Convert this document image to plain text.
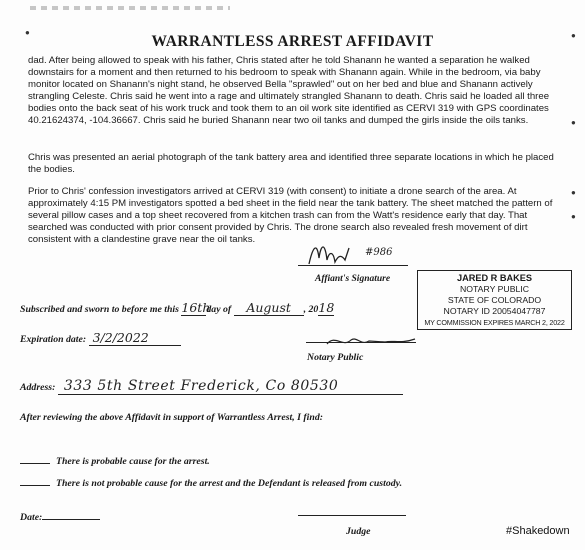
●	●
●
●
●
WARRANTLESS ARREST AFFIDAVIT

dad. After being allowed to speak with his father, Chris stated after he told Shanann he wanted a separation he walked downstairs for a moment and then returned to his bedroom to speak with Shanann again. While in the bedroom, via baby monitor located on Shanann's night stand, he observed Bella "sprawled" out on her bed and blue and Shanann actively strangling Celeste. Chris said he went into a rage and ultimately strangled Shanann to death. Chris said he loaded all three bodies onto the back seat of his work truck and took them to an oil work site identified as CERVI 319 with GPS coordinates 40.21624374, -104.36667. Chris said he buried Shanann near two oil tanks and dumped the girls inside the oils tanks.

Chris was presented an aerial photograph of the tank battery area and identified three separate locations in which he placed the bodies.

Prior to Chris' confession investigators arrived at CERVI 319 (with consent) to initiate a drone search of the area. At approximately 4:15 PM investigators spotted a bed sheet in the field near the tank battery. The sheet matched the pattern of several pillow cases and a top sheet recovered from a kitchen trash can from the Watt's residence early that day. That searched was conducted with prior consent provided by Chris. The drone search also revealed fresh movement of dirt consistent with a clandestine grave near the oil tanks.

#986
Affiant's Signature	JARED R BAKES
NOTARY PUBLIC
STATE OF COLORADO
NOTARY ID 20054047787
MY COMMISSION EXPIRES MARCH 2, 2022
Subscribed and sworn to before me this 16thday of August , 2018
Expiration date: 3/2/2022
Notary Public
Address: 333 5th Street Frederick, Co 80530
After reviewing the above Affidavit in support of Warrantless Arrest, I find:
There is probable cause for the arrest.
There is not probable cause for the arrest and the Defendant is released from custody.
Date:
Judge	#Shakedown
